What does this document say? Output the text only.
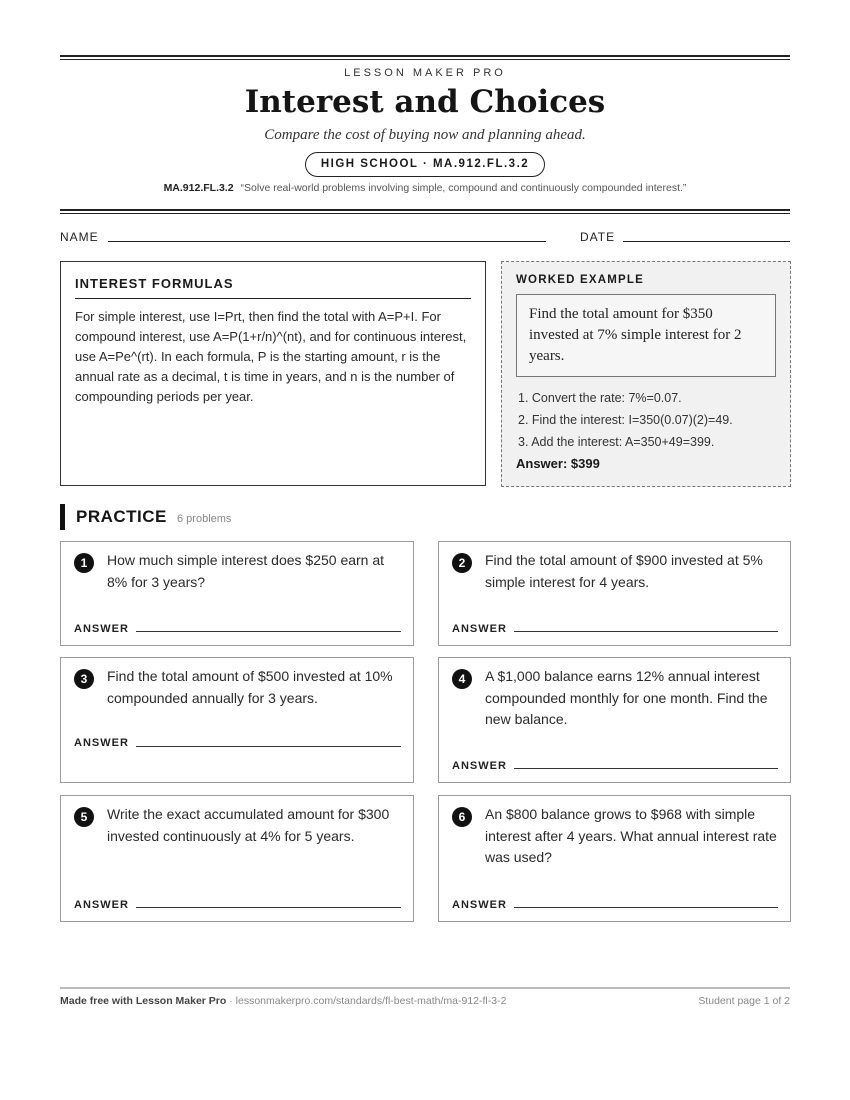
LESSON MAKER PRO
Interest and Choices
Compare the cost of buying now and planning ahead.
HIGH SCHOOL · MA.912.FL.3.2
MA.912.FL.3.2 “Solve real-world problems involving simple, compound and continuously compounded interest.”
NAME	DATE
INTEREST FORMULAS
For simple interest, use I=Prt, then find the total with A=P+I. For compound interest, use A=P(1+r/n)^(nt), and for continuous interest, use A=Pe^(rt). In each formula, P is the starting amount, r is the annual rate as a decimal, t is time in years, and n is the number of compounding periods per year.
WORKED EXAMPLE
Find the total amount for $350 invested at 7% simple interest for 2 years.
1. Convert the rate: 7%=0.07.
2. Find the interest: I=350(0.07)(2)=49.
3. Add the interest: A=350+49=399.
Answer: $399
PRACTICE 6 problems
1	How much simple interest does $250 earn at 8% for 3 years?
ANSWER
2	Find the total amount of $900 invested at 5% simple interest for 4 years.
ANSWER
3	Find the total amount of $500 invested at 10% compounded annually for 3 years.
ANSWER
4	A $1,000 balance earns 12% annual interest compounded monthly for one month. Find the new balance.
ANSWER
5	Write the exact accumulated amount for $300 invested continuously at 4% for 5 years.
ANSWER
6	An $800 balance grows to $968 with simple interest after 4 years. What annual interest rate was used?
ANSWER
Made free with Lesson Maker Pro · lessonmakerpro.com/standards/fl-best-math/ma-912-fl-3-2	Student page 1 of 2
